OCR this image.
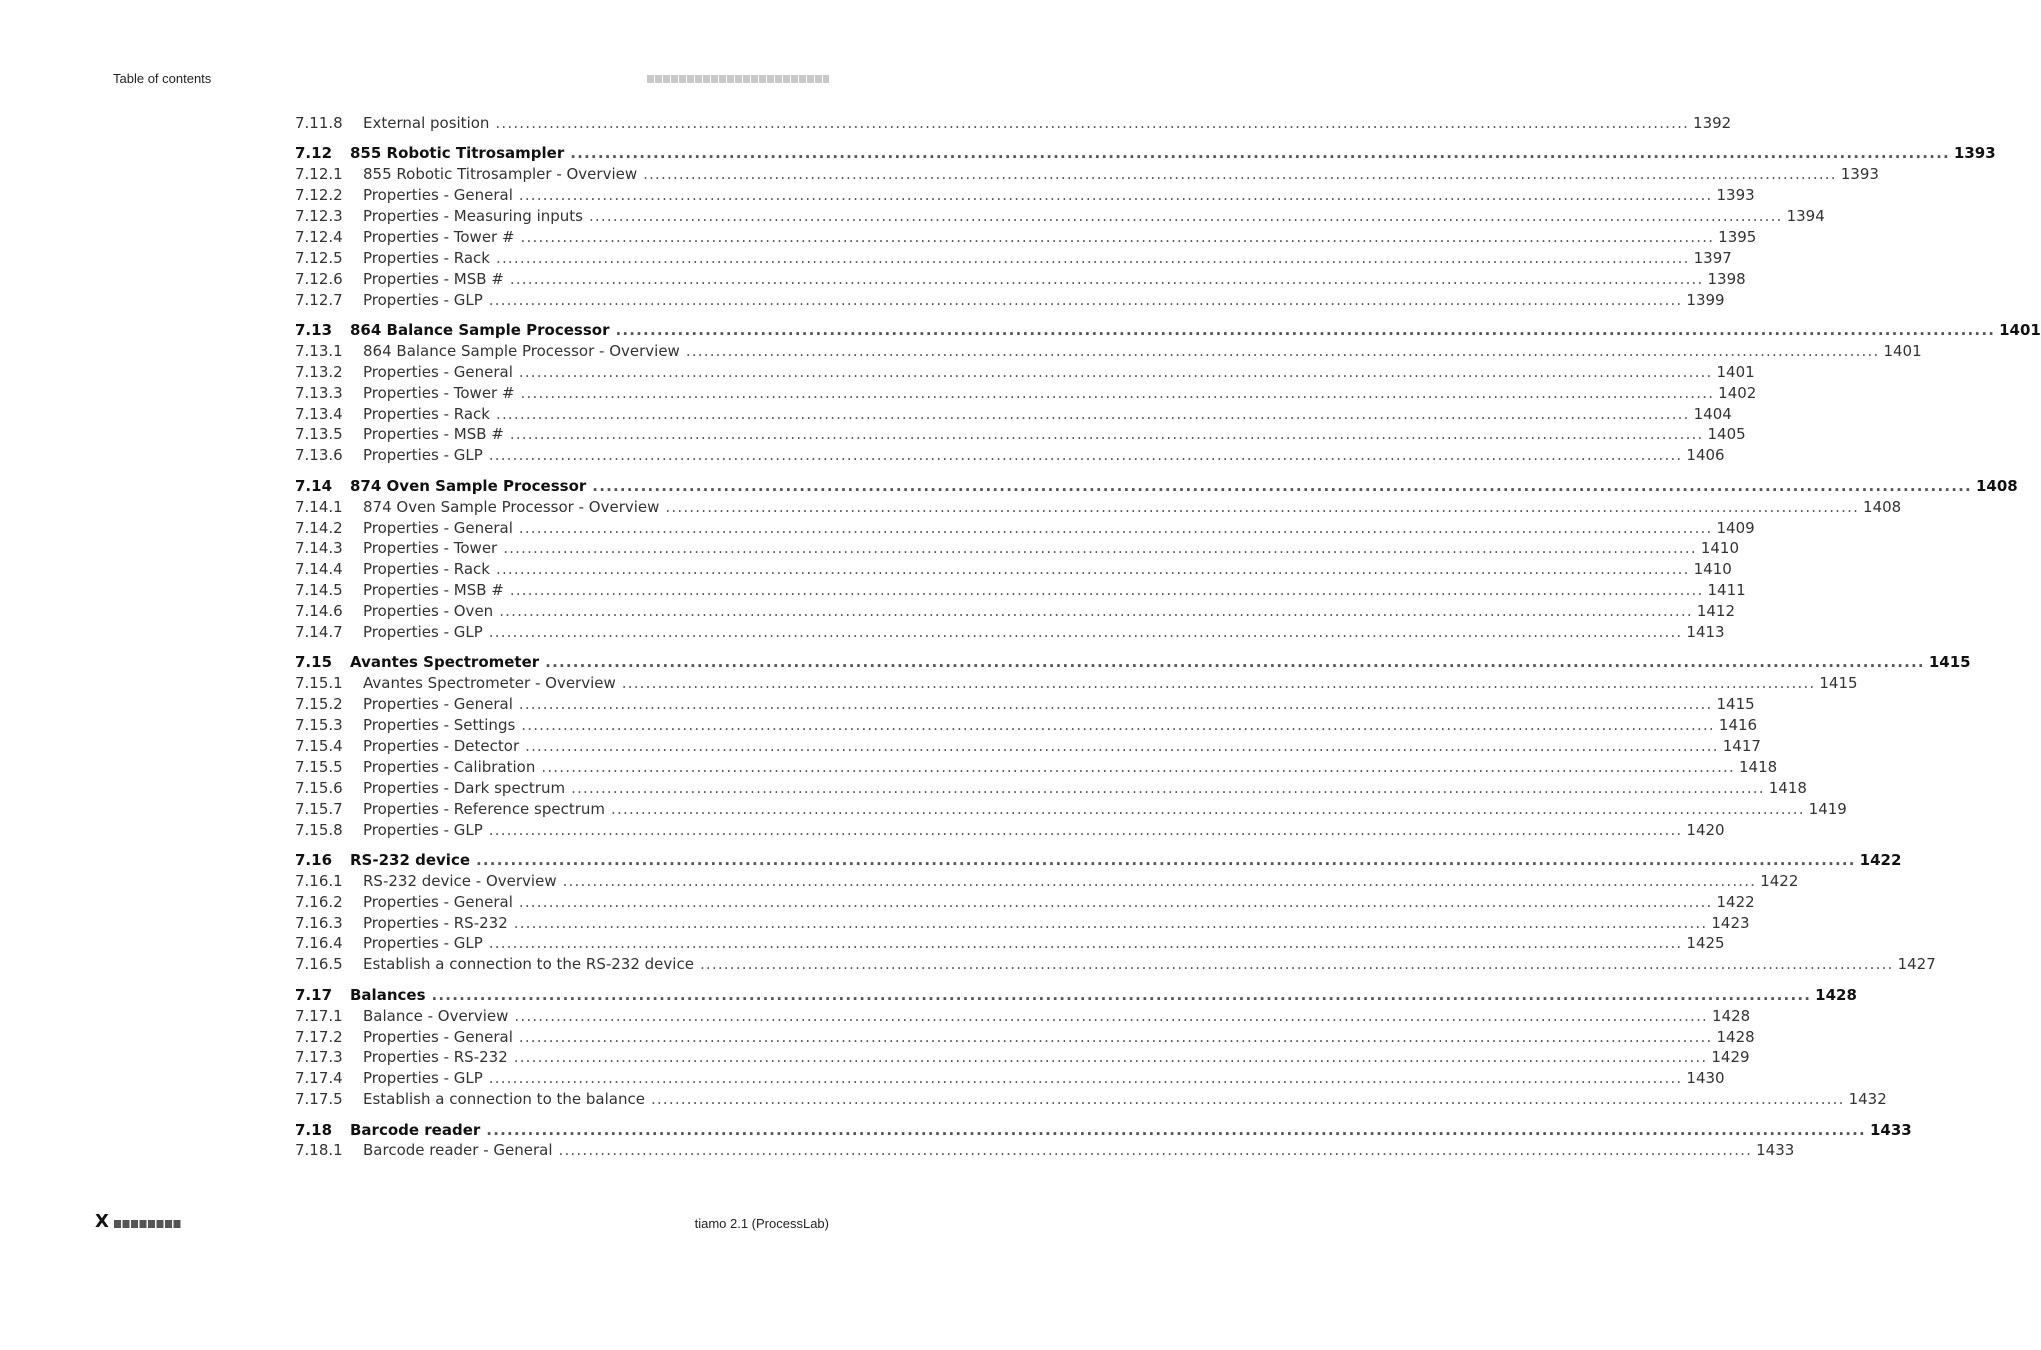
Table of contents
7.11.8	External position ........................................................................................................................................................................................................ 1392
7.12	855 Robotic Titrosampler ........................................................................................................................................................................................................ 1393
7.12.1	855 Robotic Titrosampler - Overview ........................................................................................................................................................................................................ 1393
7.12.2	Properties - General ........................................................................................................................................................................................................ 1393
7.12.3	Properties - Measuring inputs ........................................................................................................................................................................................................ 1394
7.12.4	Properties - Tower # ........................................................................................................................................................................................................ 1395
7.12.5	Properties - Rack ........................................................................................................................................................................................................ 1397
7.12.6	Properties - MSB # ........................................................................................................................................................................................................ 1398
7.12.7	Properties - GLP ........................................................................................................................................................................................................ 1399
7.13	864 Balance Sample Processor ........................................................................................................................................................................................................ 1401
7.13.1	864 Balance Sample Processor - Overview ........................................................................................................................................................................................................ 1401
7.13.2	Properties - General ........................................................................................................................................................................................................ 1401
7.13.3	Properties - Tower # ........................................................................................................................................................................................................ 1402
7.13.4	Properties - Rack ........................................................................................................................................................................................................ 1404
7.13.5	Properties - MSB # ........................................................................................................................................................................................................ 1405
7.13.6	Properties - GLP ........................................................................................................................................................................................................ 1406
7.14	874 Oven Sample Processor ........................................................................................................................................................................................................ 1408
7.14.1	874 Oven Sample Processor - Overview ........................................................................................................................................................................................................ 1408
7.14.2	Properties - General ........................................................................................................................................................................................................ 1409
7.14.3	Properties - Tower ........................................................................................................................................................................................................ 1410
7.14.4	Properties - Rack ........................................................................................................................................................................................................ 1410
7.14.5	Properties - MSB # ........................................................................................................................................................................................................ 1411
7.14.6	Properties - Oven ........................................................................................................................................................................................................ 1412
7.14.7	Properties - GLP ........................................................................................................................................................................................................ 1413
7.15	Avantes Spectrometer ........................................................................................................................................................................................................ 1415
7.15.1	Avantes Spectrometer - Overview ........................................................................................................................................................................................................ 1415
7.15.2	Properties - General ........................................................................................................................................................................................................ 1415
7.15.3	Properties - Settings ........................................................................................................................................................................................................ 1416
7.15.4	Properties - Detector ........................................................................................................................................................................................................ 1417
7.15.5	Properties - Calibration ........................................................................................................................................................................................................ 1418
7.15.6	Properties - Dark spectrum ........................................................................................................................................................................................................ 1418
7.15.7	Properties - Reference spectrum ........................................................................................................................................................................................................ 1419
7.15.8	Properties - GLP ........................................................................................................................................................................................................ 1420
7.16	RS-232 device ........................................................................................................................................................................................................ 1422
7.16.1	RS-232 device - Overview ........................................................................................................................................................................................................ 1422
7.16.2	Properties - General ........................................................................................................................................................................................................ 1422
7.16.3	Properties - RS-232 ........................................................................................................................................................................................................ 1423
7.16.4	Properties - GLP ........................................................................................................................................................................................................ 1425
7.16.5	Establish a connection to the RS-232 device ........................................................................................................................................................................................................ 1427
7.17	Balances ........................................................................................................................................................................................................ 1428
7.17.1	Balance - Overview ........................................................................................................................................................................................................ 1428
7.17.2	Properties - General ........................................................................................................................................................................................................ 1428
7.17.3	Properties - RS-232 ........................................................................................................................................................................................................ 1429
7.17.4	Properties - GLP ........................................................................................................................................................................................................ 1430
7.17.5	Establish a connection to the balance ........................................................................................................................................................................................................ 1432
7.18	Barcode reader ........................................................................................................................................................................................................ 1433
7.18.1	Barcode reader - General ........................................................................................................................................................................................................ 1433
X	tiamo 2.1 (ProcessLab)
